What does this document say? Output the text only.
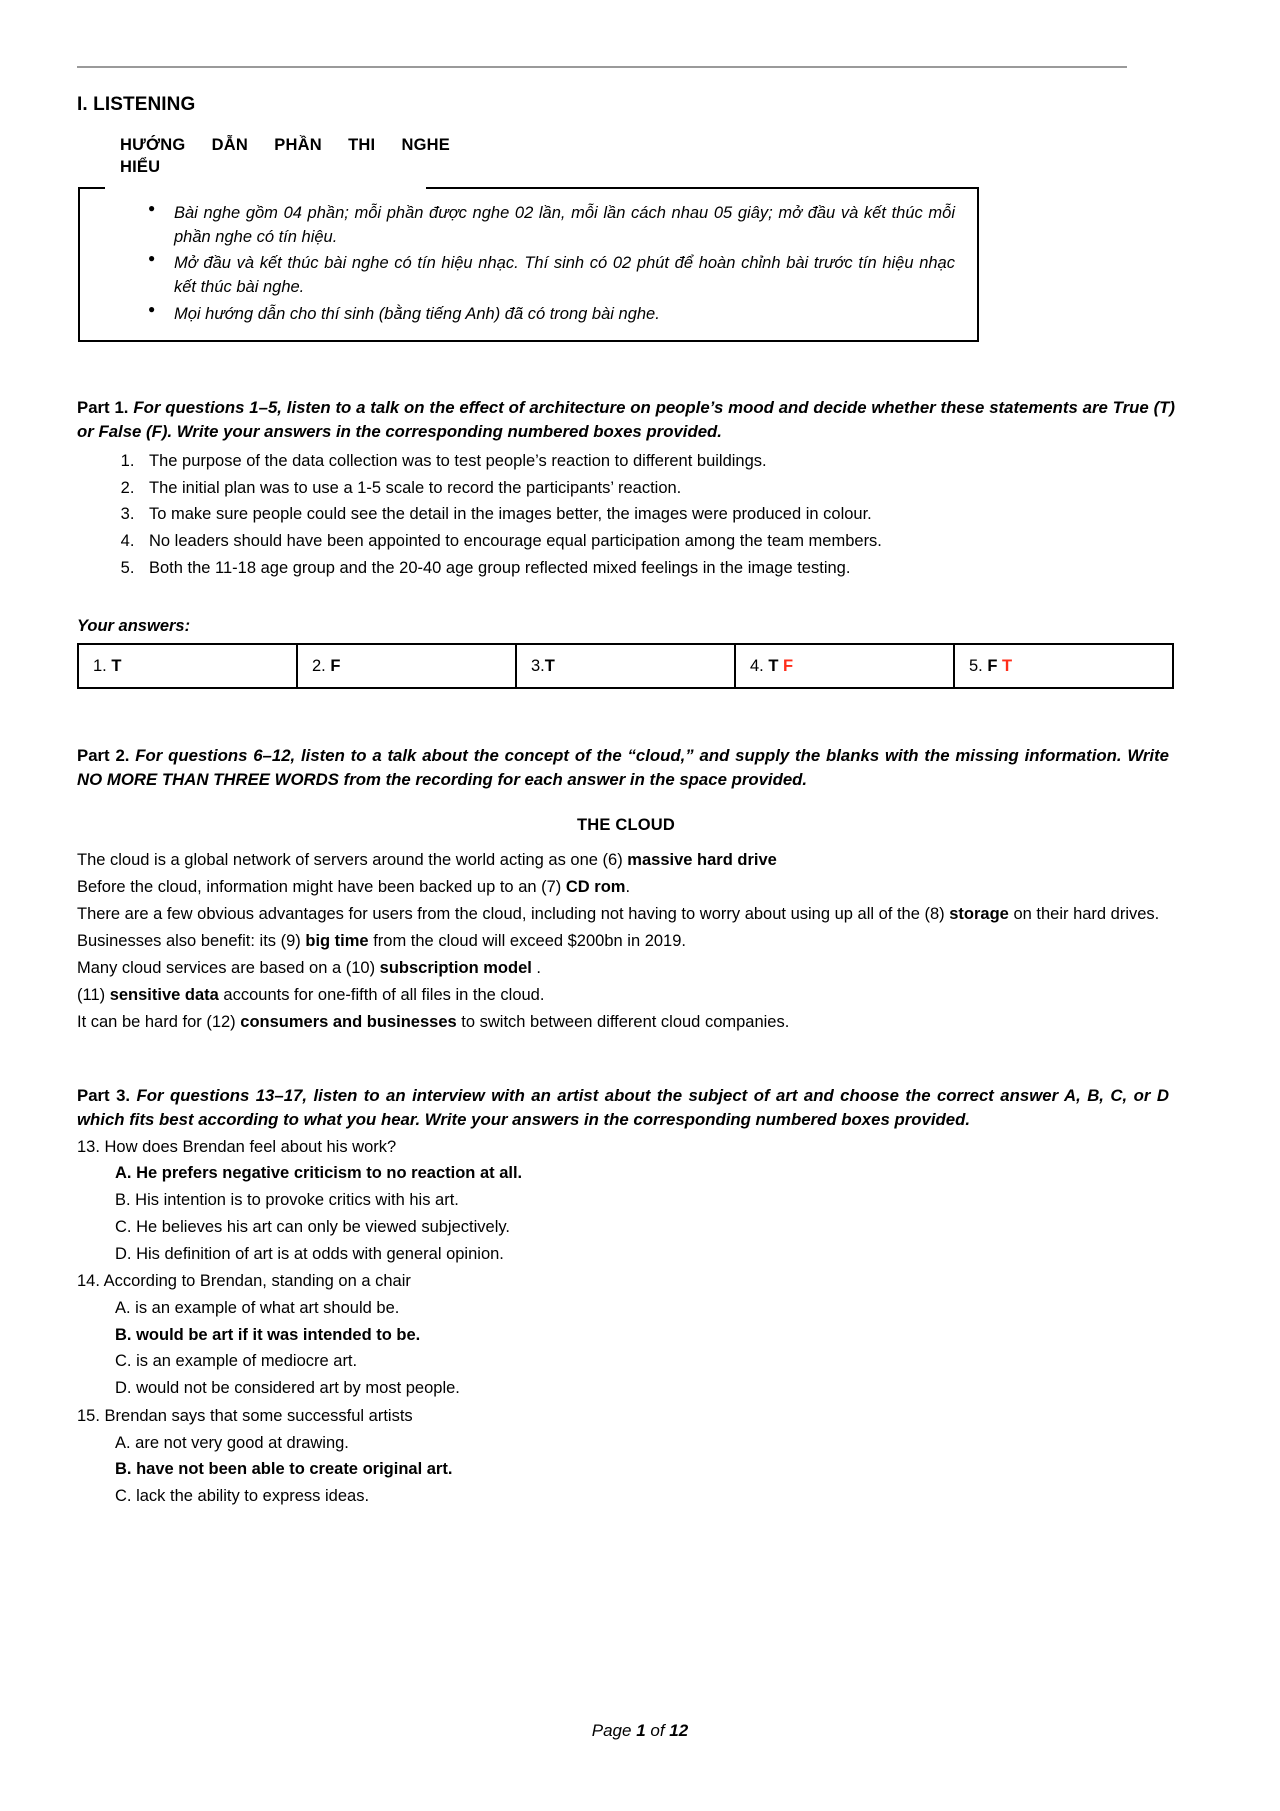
I. LISTENING
HƯỚNG DẪN PHẦN THI NGHE
HIỂU
● Bài nghe gồm 04 phần; mỗi phần được nghe 02 lần, mỗi lần cách nhau 05 giây; mở đầu và kết thúc mỗi phần nghe có tín hiệu.
● Mở đầu và kết thúc bài nghe có tín hiệu nhạc. Thí sinh có 02 phút để hoàn chỉnh bài trước tín hiệu nhạc kết thúc bài nghe.
● Mọi hướng dẫn cho thí sinh (bằng tiếng Anh) đã có trong bài nghe.
Part 1. For questions 1–5, listen to a talk on the effect of architecture on people’s mood and decide whether these statements are True (T) or False (F). Write your answers in the corresponding numbered boxes provided.
1. The purpose of the data collection was to test people’s reaction to different buildings.
2. The initial plan was to use a 1-5 scale to record the participants’ reaction.
3. To make sure people could see the detail in the images better, the images were produced in colour.
4. No leaders should have been appointed to encourage equal participation among the team members.
5. Both the 11-18 age group and the 20-40 age group reflected mixed feelings in the image testing.
Your answers:
1. T	2. F	3.T	4. T F	5. F T
Part 2. For questions 6–12, listen to a talk about the concept of the “cloud,” and supply the blanks with the missing information. Write NO MORE THAN THREE WORDS from the recording for each answer in the space provided.
THE CLOUD

The cloud is a global network of servers around the world acting as one (6) massive hard drive

Before the cloud, information might have been backed up to an (7) CD rom.

There are a few obvious advantages for users from the cloud, including not having to worry about using up all of the (8) storage on their hard drives.

Businesses also benefit: its (9) big time from the cloud will exceed $200bn in 2019.

Many cloud services are based on a (10) subscription model .

(11) sensitive data accounts for one-fifth of all files in the cloud.

It can be hard for (12) consumers and businesses to switch between different cloud companies.

Part 3. For questions 13–17, listen to an interview with an artist about the subject of art and choose the correct answer A, B, C, or D which fits best according to what you hear. Write your answers in the corresponding numbered boxes provided.
13. How does Brendan feel about his work?
A. He prefers negative criticism to no reaction at all.
B. His intention is to provoke critics with his art.
C. He believes his art can only be viewed subjectively.
D. His definition of art is at odds with general opinion.
14. According to Brendan, standing on a chair
A. is an example of what art should be.
B. would be art if it was intended to be.
C. is an example of mediocre art.
D. would not be considered art by most people.
15. Brendan says that some successful artists
A. are not very good at drawing.
B. have not been able to create original art.
C. lack the ability to express ideas.
Page 1 of 12
